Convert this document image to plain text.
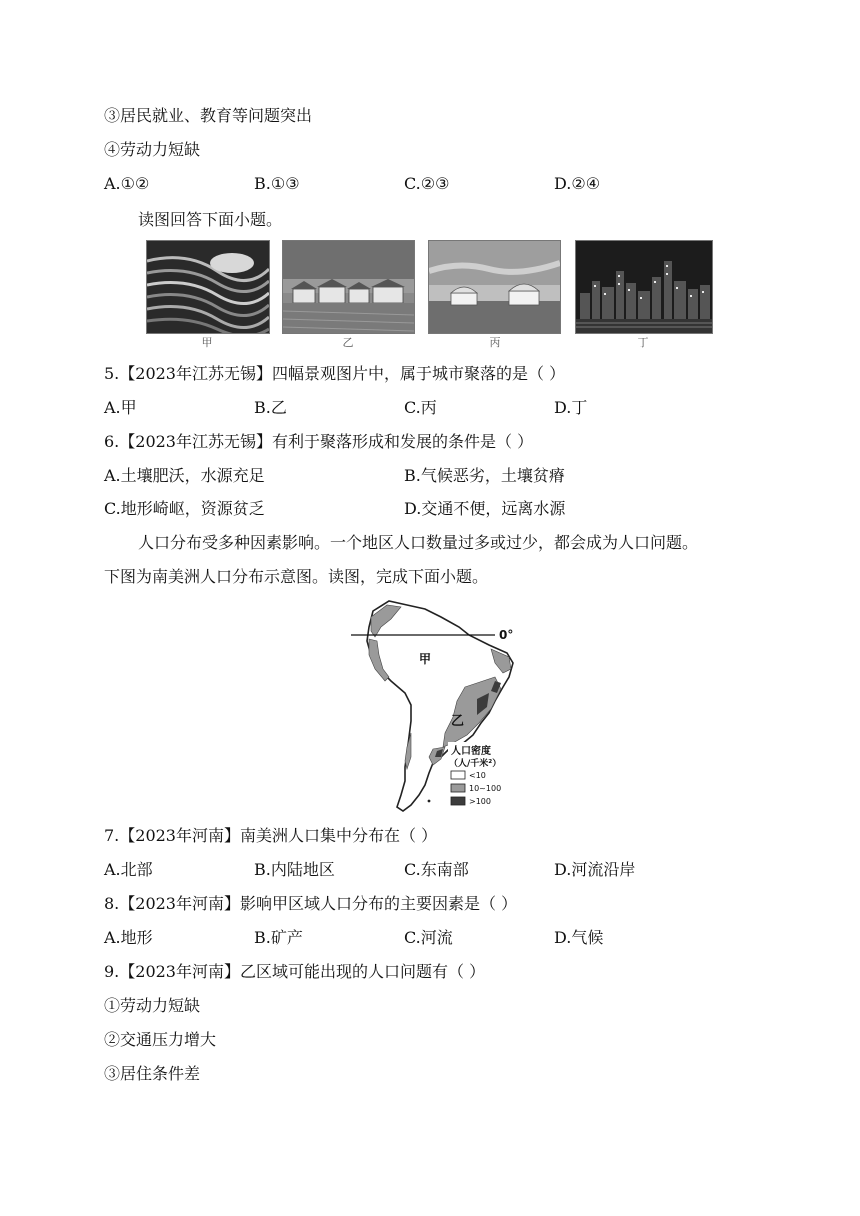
③居民就业、教育等问题突出
④劳动力短缺
A.①②	B.①③	C.②③	D.②④
读图回答下面小题。
甲	乙	丙	丁
5.【2023年江苏无锡】四幅景观图片中，属于城市聚落的是（ ）
A.甲	B.乙	C.丙	D.丁
6.【2023年江苏无锡】有利于聚落形成和发展的条件是（ ）
A.土壤肥沃，水源充足	B.气候恶劣，土壤贫瘠
C.地形崎岖，资源贫乏	D.交通不便，远离水源
人口分布受多种因素影响。一个地区人口数量过多或过少，都会成为人口问题。
下图为南美洲人口分布示意图。读图，完成下面小题。
0°
甲
乙
人口密度
（人/千米²）
<10
10~100
>100
7.【2023年河南】南美洲人口集中分布在（ ）
A.北部	B.内陆地区	C.东南部	D.河流沿岸
8.【2023年河南】影响甲区域人口分布的主要因素是（ ）
A.地形	B.矿产	C.河流	D.气候
9.【2023年河南】乙区域可能出现的人口问题有（ ）
①劳动力短缺
②交通压力增大
③居住条件差
